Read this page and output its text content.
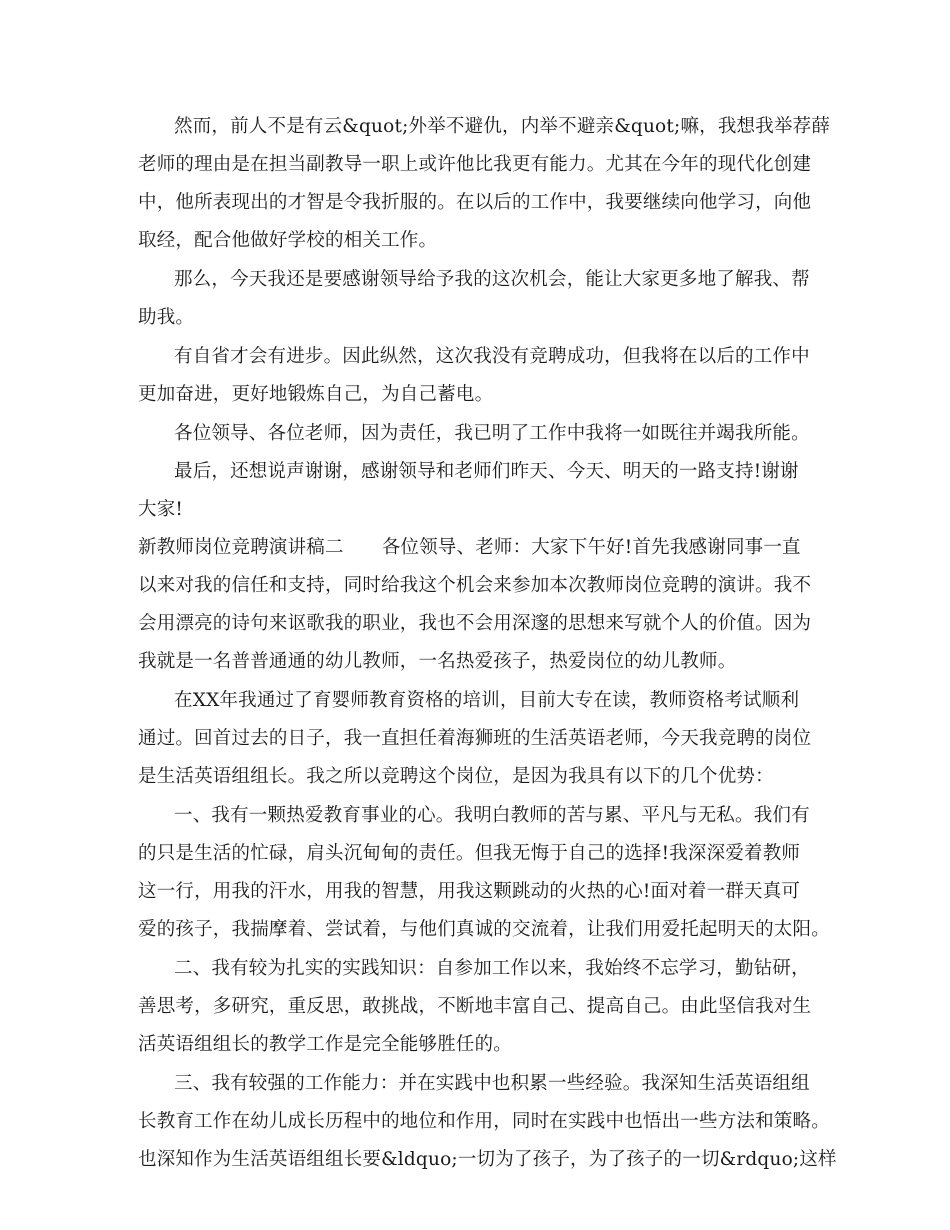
然而，前人不是有云&quot;外举不避仇，内举不避亲&quot;嘛，我想我举荐薛
老师的理由是在担当副教导一职上或许他比我更有能力。尤其在今年的现代化创建
中，他所表现出的才智是令我折服的。在以后的工作中，我要继续向他学习，向他
取经，配合他做好学校的相关工作。
那么，今天我还是要感谢领导给予我的这次机会，能让大家更多地了解我、帮
助我。
有自省才会有进步。因此纵然，这次我没有竞聘成功，但我将在以后的工作中
更加奋进，更好地锻炼自己，为自己蓄电。
各位领导、各位老师，因为责任，我已明了工作中我将一如既往并竭我所能。
最后，还想说声谢谢，感谢领导和老师们昨天、今天、明天的一路支持!谢谢
大家!
新教师岗位竞聘演讲稿二 各位领导、老师：大家下午好!首先我感谢同事一直
以来对我的信任和支持，同时给我这个机会来参加本次教师岗位竞聘的演讲。我不
会用漂亮的诗句来讴歌我的职业，我也不会用深邃的思想来写就个人的价值。因为
我就是一名普普通通的幼儿教师，一名热爱孩子，热爱岗位的幼儿教师。
在XX年我通过了育婴师教育资格的培训，目前大专在读，教师资格考试顺利
通过。回首过去的日子，我一直担任着海狮班的生活英语老师，今天我竞聘的岗位
是生活英语组组长。我之所以竞聘这个岗位，是因为我具有以下的几个优势：
一、我有一颗热爱教育事业的心。我明白教师的苦与累、平凡与无私。我们有
的只是生活的忙碌，肩头沉甸甸的责任。但我无悔于自己的选择!我深深爱着教师
这一行，用我的汗水，用我的智慧，用我这颗跳动的火热的心!面对着一群天真可
爱的孩子，我揣摩着、尝试着，与他们真诚的交流着，让我们用爱托起明天的太阳。
二、我有较为扎实的实践知识：自参加工作以来，我始终不忘学习，勤钻研，
善思考，多研究，重反思，敢挑战，不断地丰富自己、提高自己。由此坚信我对生
活英语组组长的教学工作是完全能够胜任的。
三、我有较强的工作能力：并在实践中也积累一些经验。我深知生活英语组组
长教育工作在幼儿成长历程中的地位和作用，同时在实践中也悟出一些方法和策略。
也深知作为生活英语组组长要&ldquo;一切为了孩子，为了孩子的一切&rdquo;这样
